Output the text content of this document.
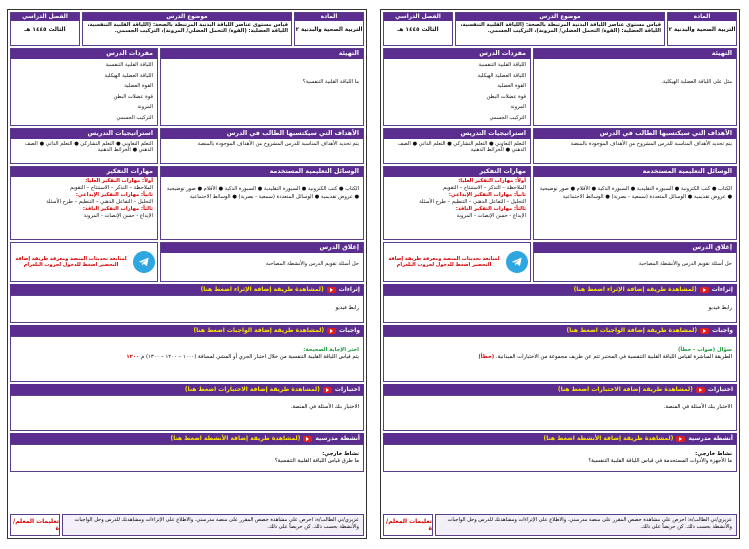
المادة
التربية الصحية والبدنية ٢
موضوع الدرس
قياس مستوى عناصر اللياقة البدنية المرتبطة بالصحة: (اللياقة القلبية التنفسية، اللياقة العضلية: (القوة/ التحمل العضلي/ المرونة)، التركيب الجسمي.
الفصل الدراسي
الثالث ١٤٤٥ هـ
التهيئة
ما اللياقة القلبية التنفسية؟
مفردات الدرس
اللياقة القلبية التنفسية
اللياقة العضلية الهيكلية
القوة العضلية
قوة عضلات البطن
المرونة
التركيب الجسمي
الأهداف التي سيكتسبها الطالب في الدرس
يتم تحديد الأهداف المناسبة للدرس المشروح من الأهداف الموجودة بالمنصة
استراتيجيات التدريس
التعلم التعاوني ● التعلم التشاركي ● التعلم الذاتي ● الصف الذهني ● الخرائط الذهنية
الوسائل التعليمية المستخدمة
الكتاب ● كتب الكترونية ● السبورة التقليدية ● السبورة الذكية ● الأقلام ● صور توضيحية ● عروض تقديمية ● الوسائل المتعددة (سمعية - بصرية) ● الوسائط الاجتماعية
مهارات التفكير
أولاً: مهارات التفكير العليا:
الملاحظة – التذكر – الاستنتاج – التقويم
ثانياً: مهارات التفكير الإبداعي:
التحليل – التفاعل الذهني – التنظيم – طرح الأسئلة
ثالثاً: مهارات التفكير الناقد:
الإبداع - حسن الإنصات - المرونة
إغلاق الدرس
حل أسئلة تقويم الدرس والأنشطة المصاحبة
لمتابعة تحديثات المنصة ومعرفة طريقة إضافة التحضير اضغط للدخول لجروب التلغرام
إثراءات
(لمشاهدة طريقة إضافة الإثراء اضغط هنا)
رابط فيديو
واجبات
(لمشاهدة طريقة إضافة الواجبات اضغط هنا)
اختر الإجابة الصحيحة:
يتم قياس اللياقة القلبية التنفسية من خلال اختبار الجري أو المشي لمسافة (١٠٠٠ – ١٢٠٠ – ١٣٠٠) م ١٢٠٠
اختبارات
(لمشاهدة طريقة إضافة الاختبارات اضغط هنا)
الاختبار بنك الأسئلة في المنصة.
أنشطة مدرسية
(لمشاهدة طريقة إضافة الأنشطة اضغط هنا)
نشاط خارجي:
ما طرق قياس اللياقة القلبية التنفسية؟
عزيزي/تي الطالب/ة: احرص على مشاهدة حصص المقرر على منصة مدرستي. والاطلاع على الإثراءات ومشاهدتك للدرس وحل الواجبات والأنشطة بحسب ذلك. كن حريصاً على ذلك.
تعليمات المعلم/ة
المادة
التربية الصحية والبدنية ٢
موضوع الدرس
قياس مستوى عناصر اللياقة البدنية المرتبطة بالصحة: (اللياقة القلبية التنفسية، اللياقة العضلية: (القوة/ التحمل العضلي/ المرونة)، التركيب الجسمي.
الفصل الدراسي
الثالث ١٤٤٥ هـ
التهيئة
مثل على اللياقة العضلية الهيكلية.
مفردات الدرس
اللياقة القلبية التنفسية
اللياقة العضلية الهيكلية
القوة العضلية
قوة عضلات البطن
المرونة
التركيب الجسمي
الأهداف التي سيكتسبها الطالب في الدرس
يتم تحديد الأهداف المناسبة للدرس المشروح من الأهداف الموجودة بالمنصة
استراتيجيات التدريس
التعلم التعاوني ● التعلم التشاركي ● التعلم الذاتي ● الصف الذهني ● الخرائط الذهنية
الوسائل التعليمية المستخدمة
الكتاب ● كتب الكترونية ● السبورة التقليدية ● السبورة الذكية ● الأقلام ● صور توضيحية ● عروض تقديمية ● الوسائل المتعددة (سمعية - بصرية) ● الوسائط الاجتماعية
مهارات التفكير
أولاً: مهارات التفكير العليا:
الملاحظة – التذكر – الاستنتاج – التقويم
ثانياً: مهارات التفكير الإبداعي:
التحليل – التفاعل الذهني – التنظيم – طرح الأسئلة
ثالثاً: مهارات التفكير الناقد:
الإبداع - حسن الإنصات - المرونة
إغلاق الدرس
حل أسئلة تقويم الدرس والأنشطة المصاحبة
لمتابعة تحديثات المنصة ومعرفة طريقة إضافة التحضير اضغط للدخول لجروب التلغرام
إثراءات
(لمشاهدة طريقة إضافة الإثراء اضغط هنا)
رابط فيديو
واجبات
(لمشاهدة طريقة إضافة الواجبات اضغط هنا)
سؤال (صواب - خطأ)
الطريقة المباشرة لقياس اللياقة القلبية التنفسية في المختبر تتم عن طريف مجموعة من الاختبارات الميدانية. (خطأ)
اختبارات
(لمشاهدة طريقة إضافة الاختبارات اضغط هنا)
الاختبار بنك الأسئلة في المنصة.
أنشطة مدرسية
(لمشاهدة طريقة إضافة الأنشطة اضغط هنا)
نشاط خارجي:
ما الأجهزة والأدوات المستخدمة في قياس اللياقة القلبية التنفسية؟
عزيزي/تي الطالب/ة: احرص على مشاهدة حصص المقرر على منصة مدرستي. والاطلاع على الإثراءات ومشاهدتك للدرس وحل الواجبات والأنشطة بحسب ذلك. كن حريصاً على ذلك.
تعليمات المعلم/ة
